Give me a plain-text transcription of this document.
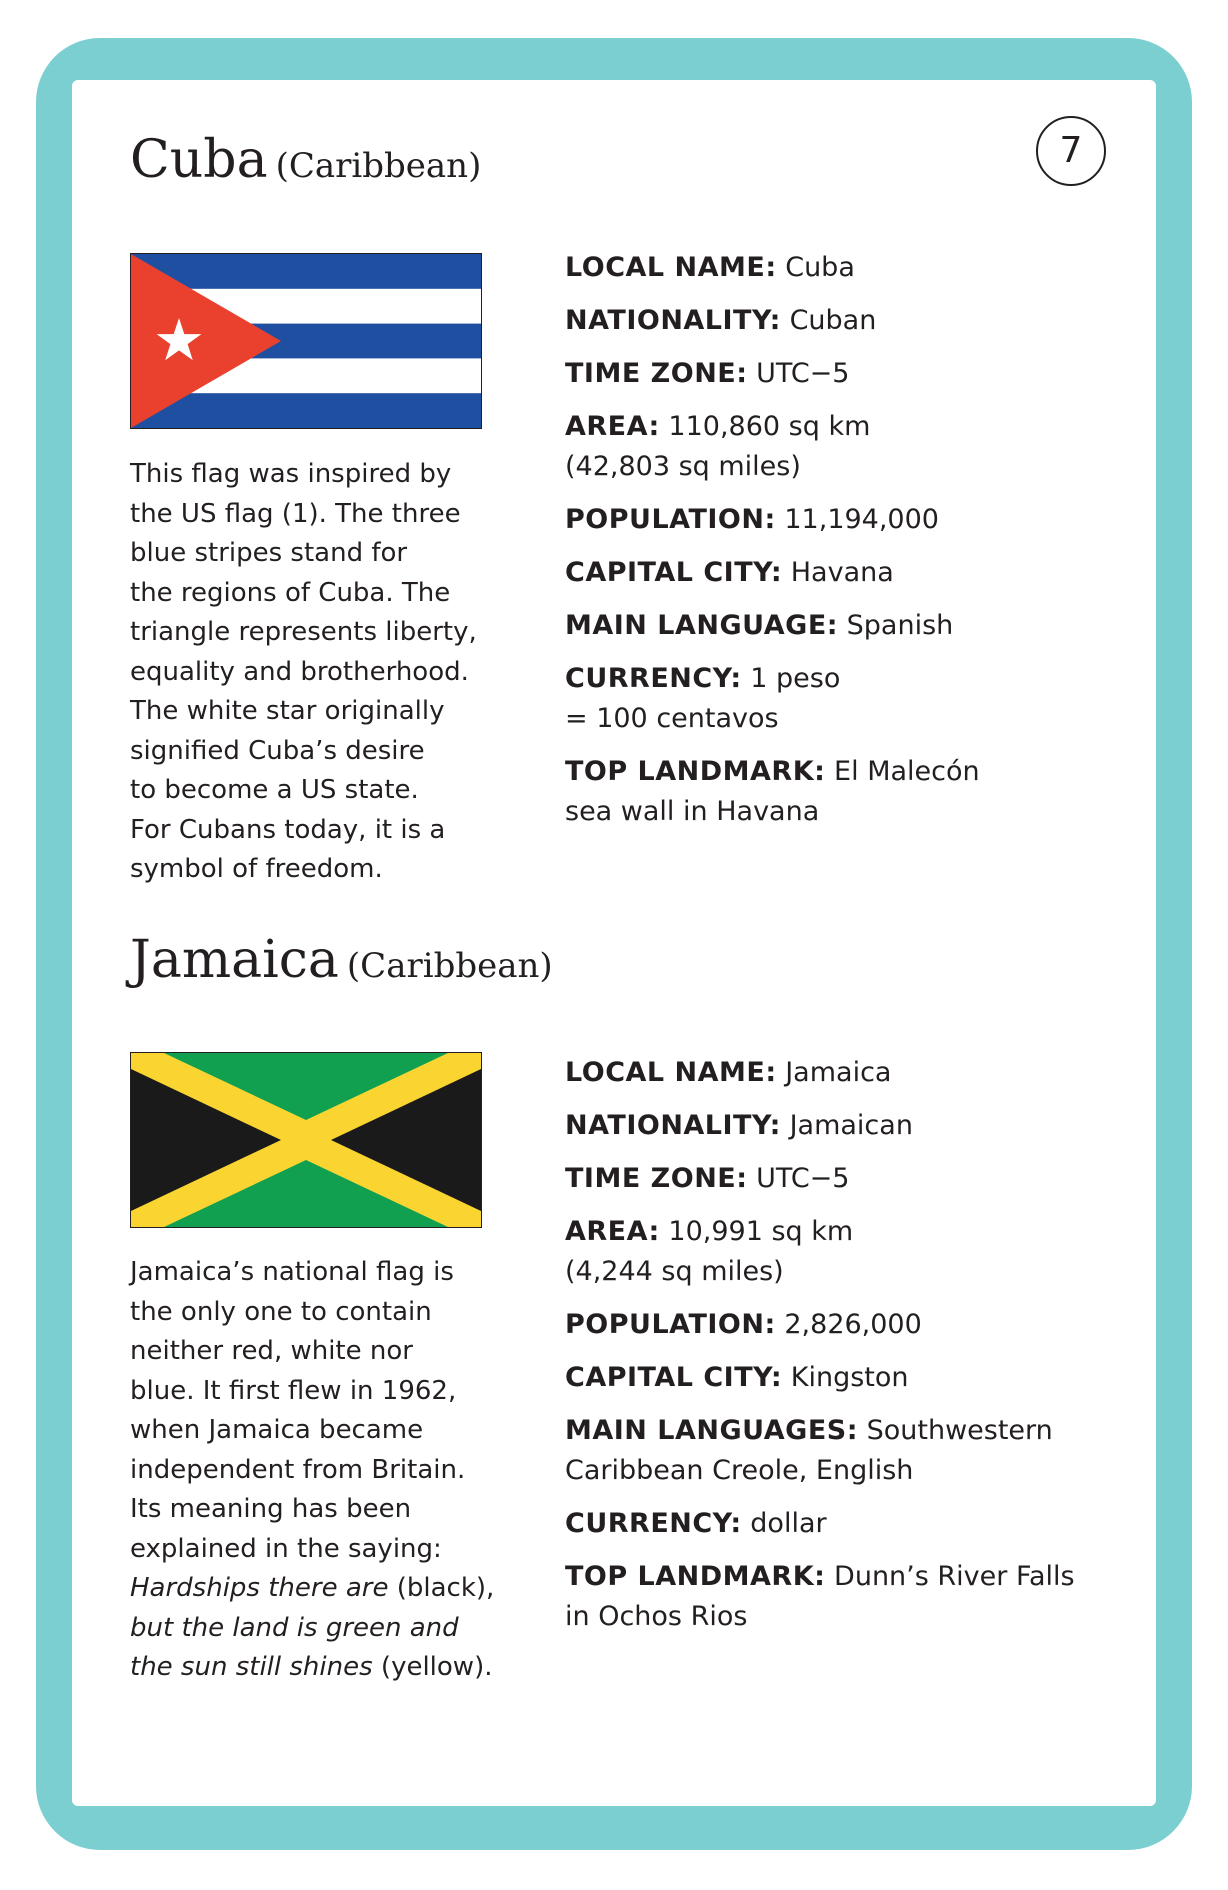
7
Cuba (Caribbean)

This flag was inspired by
the US flag (1). The three
blue stripes stand for
the regions of Cuba. The
triangle represents liberty,
equality and brotherhood.
The white star originally
signified Cuba’s desire
to become a US state.
For Cubans today, it is a
symbol of freedom.

LOCAL NAME: Cuba
NATIONALITY: Cuban
TIME ZONE: UTC−5
AREA: 110,860 sq km
(42,803 sq miles)
POPULATION: 11,194,000
CAPITAL CITY: Havana
MAIN LANGUAGE: Spanish
CURRENCY: 1 peso
= 100 centavos
TOP LANDMARK: El Malecón
sea wall in Havana
Jamaica (Caribbean)

Jamaica’s national flag is
the only one to contain
neither red, white nor
blue. It first flew in 1962,
when Jamaica became
independent from Britain.
Its meaning has been
explained in the saying:
Hardships there are (black),
but the land is green and
the sun still shines (yellow).

LOCAL NAME: Jamaica
NATIONALITY: Jamaican
TIME ZONE: UTC−5
AREA: 10,991 sq km
(4,244 sq miles)
POPULATION: 2,826,000
CAPITAL CITY: Kingston
MAIN LANGUAGES: Southwestern
Caribbean Creole, English
CURRENCY: dollar
TOP LANDMARK: Dunn’s River Falls
in Ochos Rios
